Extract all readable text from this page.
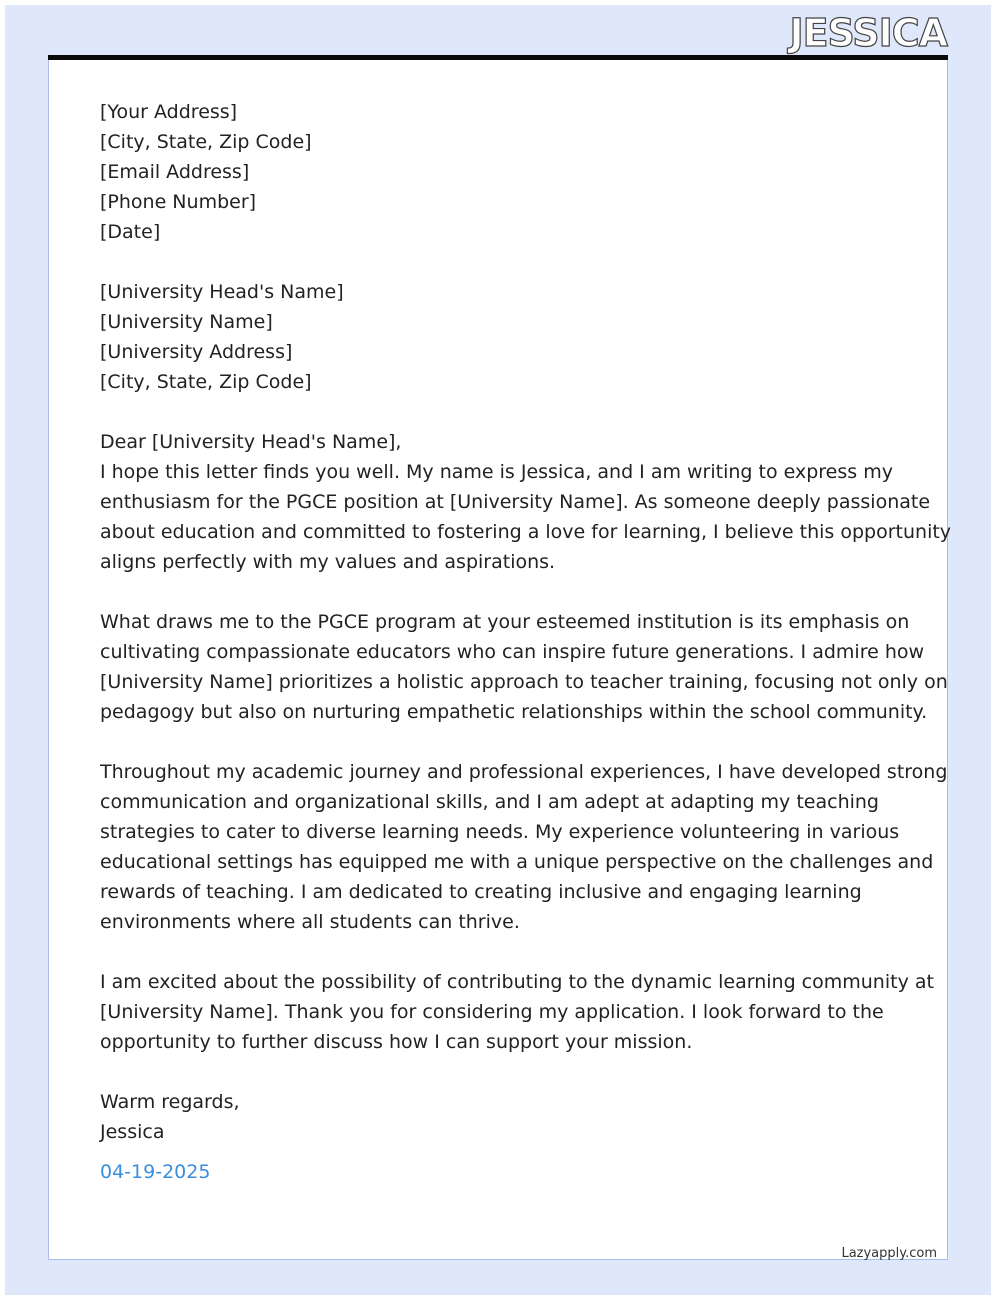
JESSICA
[Your Address]
[City, State, Zip Code]
[Email Address]
[Phone Number]
[Date]
[University Head's Name]
[University Name]
[University Address]
[City, State, Zip Code]

Dear [University Head's Name],

I hope this letter finds you well. My name is Jessica, and I am writing to express my
enthusiasm for the PGCE position at [University Name]. As someone deeply passionate
about education and committed to fostering a love for learning, I believe this opportunity
aligns perfectly with my values and aspirations.
What draws me to the PGCE program at your esteemed institution is its emphasis on
cultivating compassionate educators who can inspire future generations. I admire how
[University Name] prioritizes a holistic approach to teacher training, focusing not only on
pedagogy but also on nurturing empathetic relationships within the school community.
Throughout my academic journey and professional experiences, I have developed strong
communication and organizational skills, and I am adept at adapting my teaching
strategies to cater to diverse learning needs. My experience volunteering in various
educational settings has equipped me with a unique perspective on the challenges and
rewards of teaching. I am dedicated to creating inclusive and engaging learning
environments where all students can thrive.
I am excited about the possibility of contributing to the dynamic learning community at
[University Name]. Thank you for considering my application. I look forward to the
opportunity to further discuss how I can support your mission.

Warm regards,

Jessica

04-19-2025

Lazyapply.com
